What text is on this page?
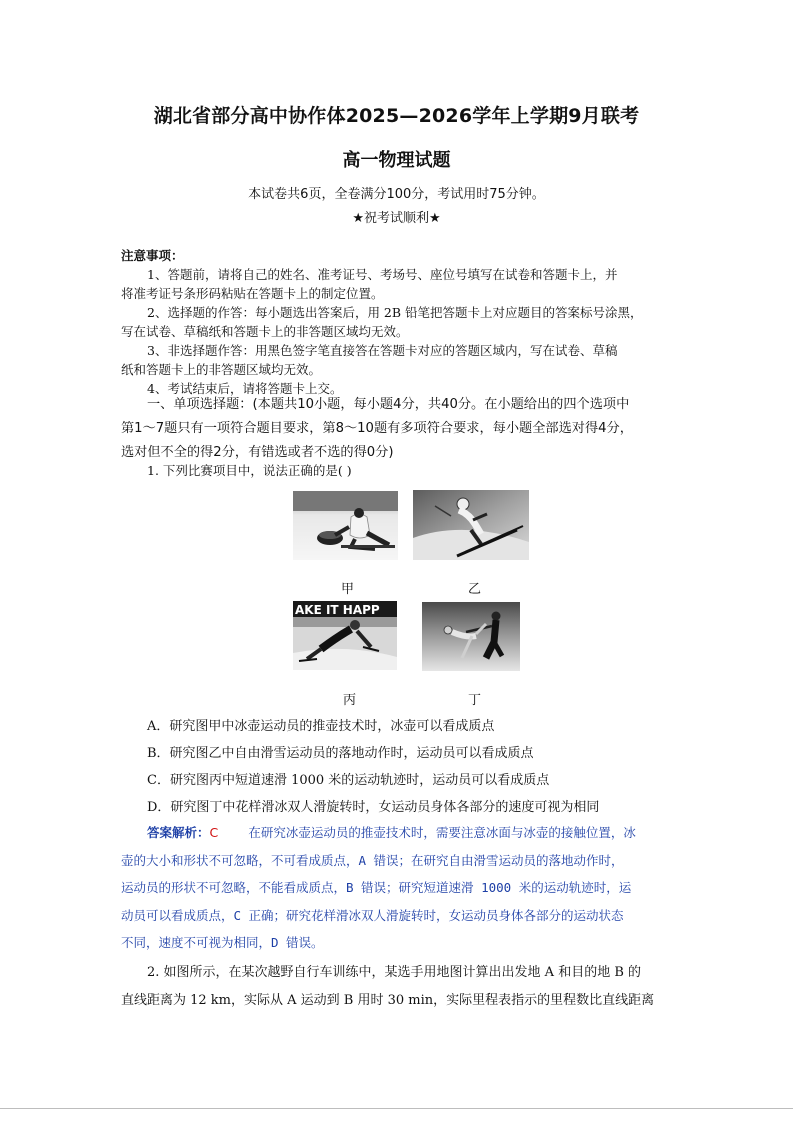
湖北省部分高中协作体2025—2026学年上学期9月联考
高一物理试题
本试卷共6页，全卷满分100分，考试用时75分钟。
★祝考试顺利★
注意事项：
1、答题前，请将自己的姓名、准考证号、考场号、座位号填写在试卷和答题卡上，并
将准考证号条形码粘贴在答题卡上的制定位置。
2、选择题的作答：每小题选出答案后，用 2B 铅笔把答题卡上对应题目的答案标号涂黑，
写在试卷、草稿纸和答题卡上的非答题区域均无效。
3、非选择题作答：用黑色签字笔直接答在答题卡对应的答题区域内，写在试卷、草稿
纸和答题卡上的非答题区域均无效。
4、考试结束后，请将答题卡上交。
一、单项选择题：(本题共10小题，每小题4分，共40分。在小题给出的四个选项中
第1～7题只有一项符合题目要求，第8～10题有多项符合要求，每小题全部选对得4分，
选对但不全的得2分，有错选或者不选的得0分)
1. 下列比赛项目中，说法正确的是( )
甲	乙
AKE IT HAPP
丙	丁
A．研究图甲中冰壶运动员的推壶技术时，冰壶可以看成质点
B．研究图乙中自由滑雪运动员的落地动作时，运动员可以看成质点
C．研究图丙中短道速滑 1000 米的运动轨迹时，运动员可以看成质点
D．研究图丁中花样滑冰双人滑旋转时，女运动员身体各部分的速度可视为相同
答案解析：C 在研究冰壶运动员的推壶技术时，需要注意冰面与冰壶的接触位置，冰
壶的大小和形状不可忽略，不可看成质点，A 错误；在研究自由滑雪运动员的落地动作时，
运动员的形状不可忽略，不能看成质点，B 错误；研究短道速滑 1000 米的运动轨迹时，运
动员可以看成质点，C 正确；研究花样滑冰双人滑旋转时，女运动员身体各部分的运动状态
不同，速度不可视为相同，D 错误。
2. 如图所示，在某次越野自行车训练中，某选手用地图计算出出发地 A 和目的地 B 的
直线距离为 12 km，实际从 A 运动到 B 用时 30 min，实际里程表指示的里程数比直线距离
